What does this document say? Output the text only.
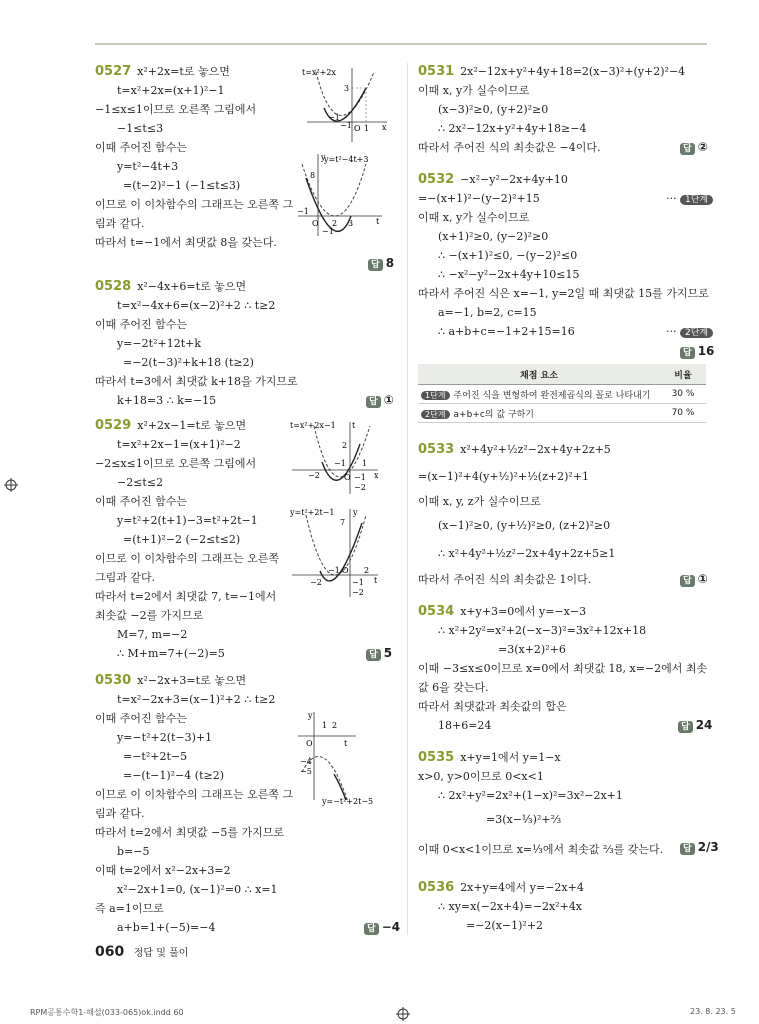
0527 x²+2x=t로 놓으면
t=x²+2x=(x+1)²−1
−1≤x≤1이므로 오른쪽 그림에서
−1≤t≤3
이때 주어진 함수는
y=t²−4t+3
=(t−2)²−1 (−1≤t≤3)
이므로 이 이차함수의 그래프는 오른쪽 그
림과 같다.
따라서 t=−1에서 최댓값 8을 갖는다.
답 8
t=x²+2x
3
−1
O 1
−1	x
y=t²−4t+3
8
−1
O 2 3
−1
t
y
0528 x²−4x+6=t로 놓으면
t=x²−4x+6=(x−2)²+2 ∴ t≥2
이때 주어진 함수는
y=−2t²+12t+k
=−2(t−3)²+k+18 (t≥2)
따라서 t=3에서 최댓값 k+18을 가지므로
k+18=3 ∴ k=−15	답 ①
0529 x²+2x−1=t로 놓으면
t=x²+2x−1=(x+1)²−2
−2≤x≤1이므로 오른쪽 그림에서
−2≤t≤2
이때 주어진 함수는
y=t²+2(t+1)−3=t²+2t−1
=(t+1)²−2 (−2≤t≤2)
이므로 이 이차함수의 그래프는 오른쪽
그림과 같다.
따라서 t=2에서 최댓값 7, t=−1에서
최솟값 −2를 가지므로
M=7, m=−2
∴ M+m=7+(−2)=5	답 5
t=x²+2x−1 t
2
−2
−1
O
1
x
−1
−2
y=t²+2t−1 y
7
−2
−1 O 2
t
−1
−2
0530 x²−2x+3=t로 놓으면
t=x²−2x+3=(x−1)²+2 ∴ t≥2
이때 주어진 함수는
y=−t²+2(t−3)+1
=−t²+2t−5
=−(t−1)²−4 (t≥2)
이므로 이 이차함수의 그래프는 오른쪽 그
림과 같다.
따라서 t=2에서 최댓값 −5를 가지므로
b=−5
이때 t=2에서 x²−2x+3=2
x²−2x+1=0, (x−1)²=0 ∴ x=1
즉 a=1이므로
a+b=1+(−5)=−4	답 −4
y
1 2
O	t
−4
−5
y=−t²+2t−5
0531 2x²−12x+y²+4y+18=2(x−3)²+(y+2)²−4
이때 x, y가 실수이므로
(x−3)²≥0, (y+2)²≥0
∴ 2x²−12x+y²+4y+18≥−4
따라서 주어진 식의 최솟값은 −4이다.	답 ②
0532 −x²−y²−2x+4y+10
=−(x+1)²−(y−2)²+15	··· 1단계
이때 x, y가 실수이므로
(x+1)²≥0, (y−2)²≥0
∴ −(x+1)²≤0, −(y−2)²≤0
∴ −x²−y²−2x+4y+10≤15
따라서 주어진 식은 x=−1, y=2일 때 최댓값 15를 가지므로
a=−1, b=2, c=15
∴ a+b+c=−1+2+15=16	··· 2단계
답 16
채점 요소	비율
1단계 주어진 식을 변형하여 완전제곱식의 꼴로 나타내기	30 %
2단계 a+b+c의 값 구하기	70 %
0533 x²+4y²+½z²−2x+4y+2z+5
=(x−1)²+4(y+½)²+½(z+2)²+1
이때 x, y, z가 실수이므로
(x−1)²≥0, (y+½)²≥0, (z+2)²≥0
∴ x²+4y²+½z²−2x+4y+2z+5≥1
따라서 주어진 식의 최솟값은 1이다.	답 ①
0534 x+y+3=0에서 y=−x−3
∴ x²+2y²=x²+2(−x−3)²=3x²+12x+18
=3(x+2)²+6
이때 −3≤x≤0이므로 x=0에서 최댓값 18, x=−2에서 최솟
값 6을 갖는다.
따라서 최댓값과 최솟값의 합은
18+6=24	답 24
0535 x+y=1에서 y=1−x
x>0, y>0이므로 0<x<1
∴ 2x²+y²=2x²+(1−x)²=3x²−2x+1
=3(x−⅓)²+⅔
이때 0<x<1이므로 x=⅓에서 최솟값 ⅔를 갖는다.	답 2/3
0536 2x+y=4에서 y=−2x+4
∴ xy=x(−2x+4)=−2x²+4x
=−2(x−1)²+2
060 정답 및 풀이
RPM공통수학1-해설(033-065)ok.indd 60	23. 8. 23. 5
